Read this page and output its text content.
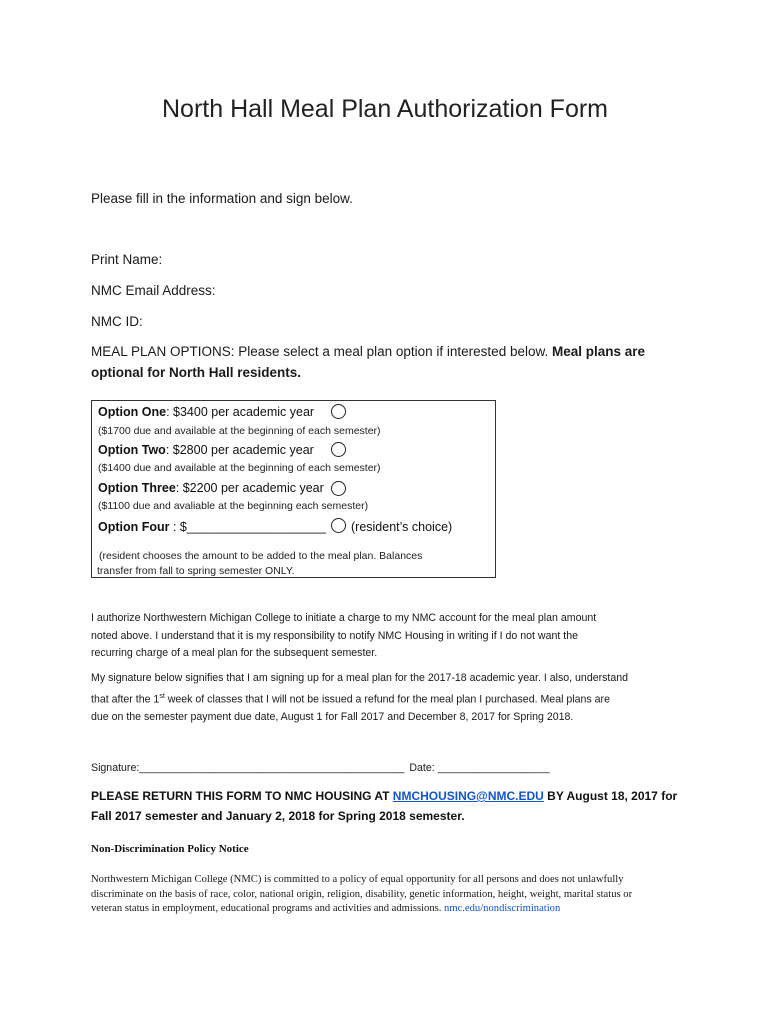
North Hall Meal Plan Authorization Form
Please fill in the information and sign below.
Print Name:
NMC Email Address:
NMC ID:
MEAL PLAN OPTIONS: Please select a meal plan option if interested below. Meal plans are
optional for North Hall residents.
Option One: $3400 per academic year
($1700 due and available at the beginning of each semester)
Option Two: $2800 per academic year
($1400 due and available at the beginning of each semester)
Option Three: $2200 per academic year
($1100 due and avaliable at the beginning each semester)
Option Four : $____________________ (resident’s choice)
(resident chooses the amount to be added to the meal plan. Balances
transfer from fall to spring semester ONLY.
I authorize Northwestern Michigan College to initiate a charge to my NMC account for the meal plan amount
noted above. I understand that it is my responsibility to notify NMC Housing in writing if I do not want the
recurring charge of a meal plan for the subsequent semester.
My signature below signifies that I am signing up for a meal plan for the 2017-18 academic year. I also, understand
that after the 1st week of classes that I will not be issued a refund for the meal plan I purchased. Meal plans are
due on the semester payment due date, August 1 for Fall 2017 and December 8, 2017 for Spring 2018.
Signature:_____________________________________________ Date: ___________________
PLEASE RETURN THIS FORM TO NMC HOUSING AT NMCHOUSING@NMC.EDU BY August 18, 2017 for
Fall 2017 semester and January 2, 2018 for Spring 2018 semester.
Non-Discrimination Policy Notice
Northwestern Michigan College (NMC) is committed to a policy of equal opportunity for all persons and does not unlawfully
discriminate on the basis of race, color, national origin, religion, disability, genetic information, height, weight, marital status or
veteran status in employment, educational programs and activities and admissions. nmc.edu/nondiscrimination
